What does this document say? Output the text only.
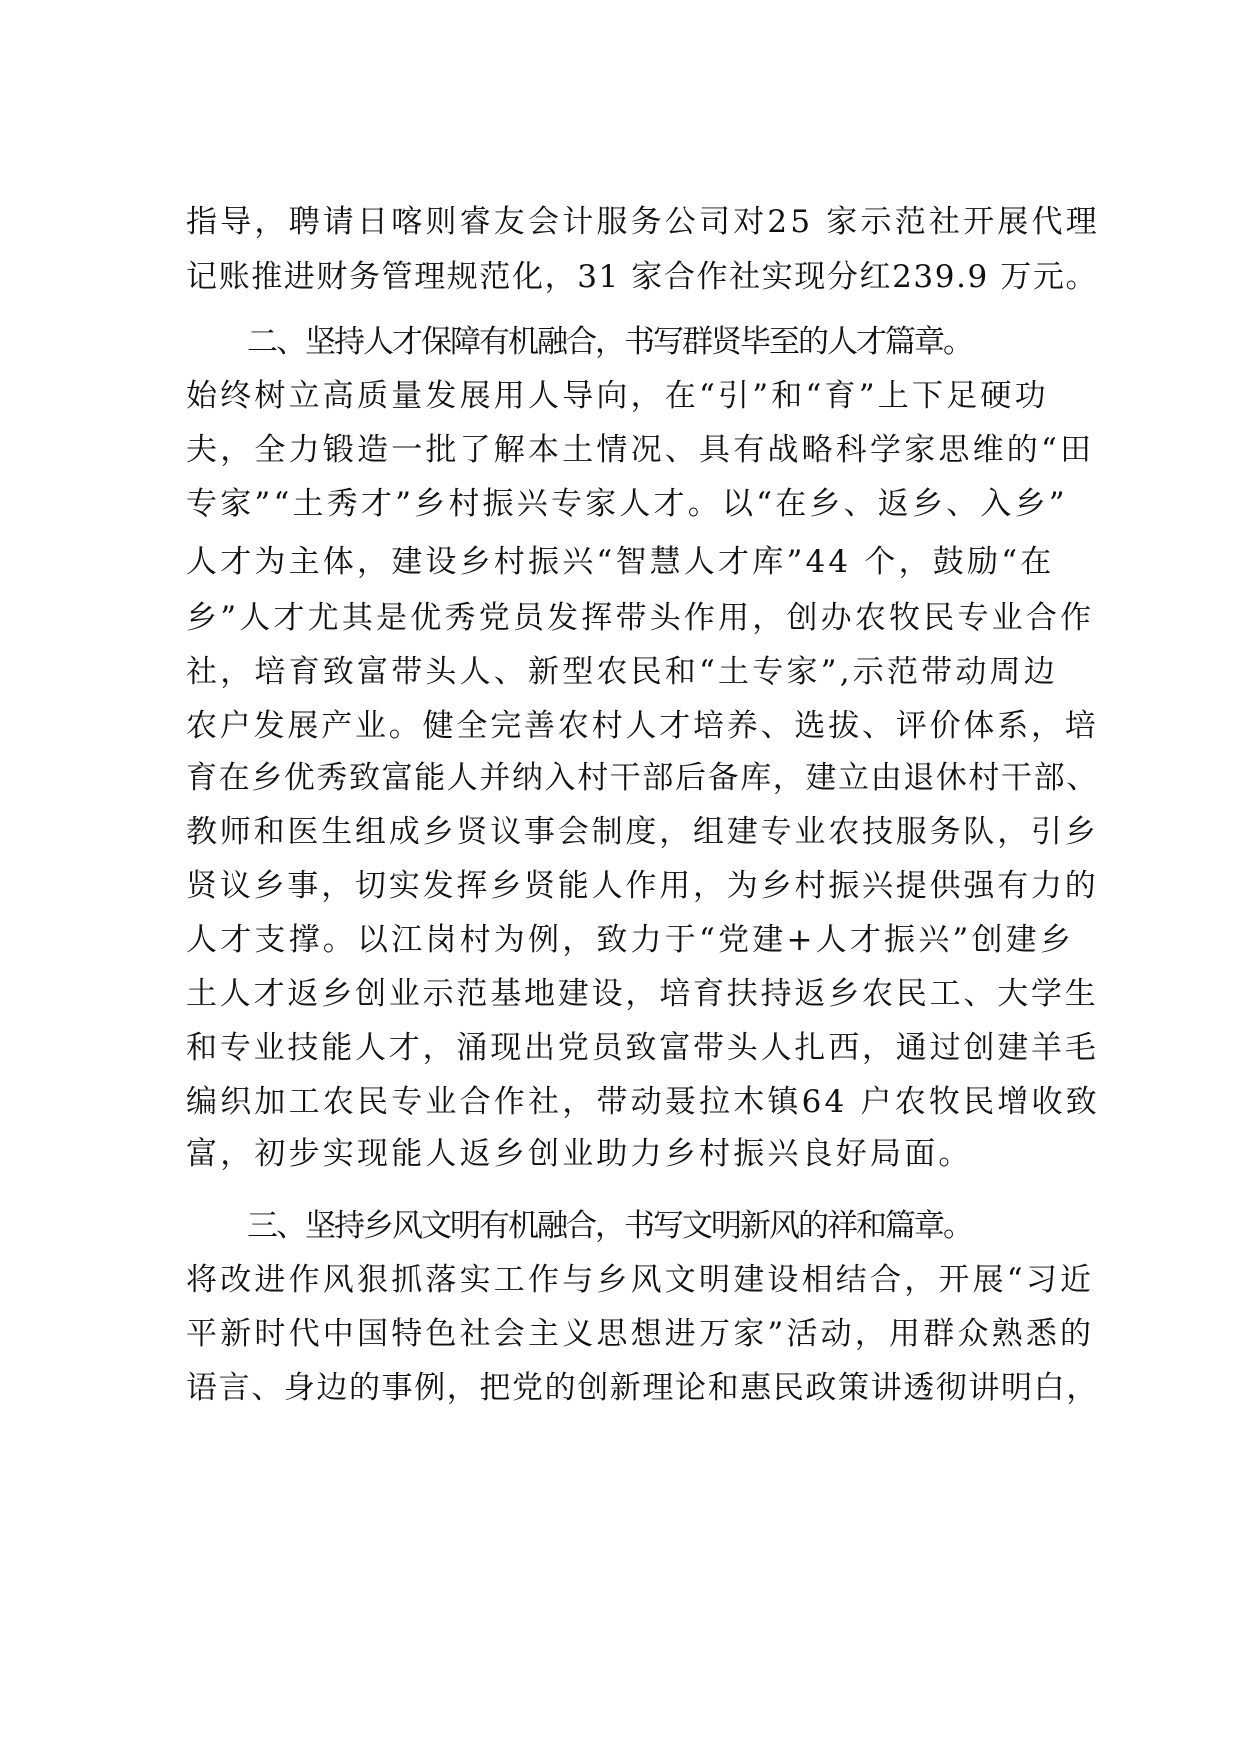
指导，聘请日喀则睿友会计服务公司对25 家示范社开展代理

记账推进财务管理规范化，31 家合作社实现分红239.9 万元。

二、坚持人才保障有机融合，书写群贤毕至的人才篇章。

始终树立高质量发展用人导向，在“引”和“育”上下足硬功

夫，全力锻造一批了解本土情况、具有战略科学家思维的“田

专家”“土秀才”乡村振兴专家人才。以“在乡、返乡、入乡”

人才为主体，建设乡村振兴“智慧人才库”44 个，鼓励“在

乡”人才尤其是优秀党员发挥带头作用，创办农牧民专业合作

社，培育致富带头人、新型农民和“土专家”,示范带动周边

农户发展产业。健全完善农村人才培养、选拔、评价体系，培

育在乡优秀致富能人并纳入村干部后备库，建立由退休村干部、

教师和医生组成乡贤议事会制度，组建专业农技服务队，引乡

贤议乡事，切实发挥乡贤能人作用，为乡村振兴提供强有力的

人才支撑。以江岗村为例，致力于“党建+人才振兴”创建乡

土人才返乡创业示范基地建设，培育扶持返乡农民工、大学生

和专业技能人才，涌现出党员致富带头人扎西，通过创建羊毛

编织加工农民专业合作社，带动聂拉木镇64 户农牧民增收致

富，初步实现能人返乡创业助力乡村振兴良好局面。

三、坚持乡风文明有机融合，书写文明新风的祥和篇章。

将改进作风狠抓落实工作与乡风文明建设相结合，开展“习近

平新时代中国特色社会主义思想进万家”活动，用群众熟悉的

语言、身边的事例，把党的创新理论和惠民政策讲透彻讲明白，
